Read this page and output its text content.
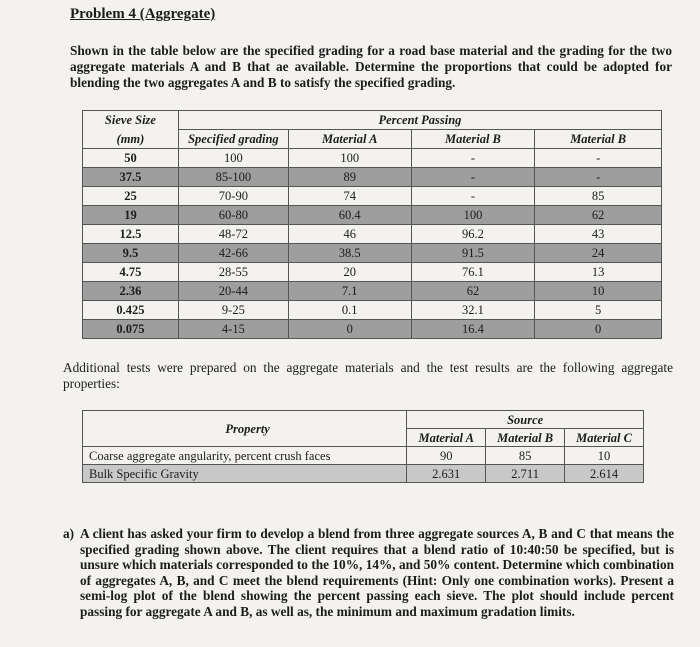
Problem 4 (Aggregate)
Shown in the table below are the specified grading for a road base material and the grading for the two aggregate materials A and B that ae available. Determine the proportions that could be adopted for blending the two aggregates A and B to satisfy the specified grading.
Sieve Size	Percent Passing			
(mm)	Specified grading	Material A	Material B	Material B
50	100	100	-	-
37.5	85-100	89	-	-
25	70-90	74	-	85
19	60-80	60.4	100	62
12.5	48-72	46	96.2	43
9.5	42-66	38.5	91.5	24
4.75	28-55	20	76.1	13
2.36	20-44	7.1	62	10
0.425	9-25	0.1	32.1	5
0.075	4-15	0	16.4	0
Additional tests were prepared on the aggregate materials and the test results are the following aggregate properties:
Property	Source		
	Material A	Material B	Material C
Coarse aggregate angularity, percent crush faces	90	85	10
Bulk Specific Gravity	2.631	2.711	2.614
a) A client has asked your firm to develop a blend from three aggregate sources A, B and C that means the specified grading shown above. The client requires that a blend ratio of 10:40:50 be specified, but is unsure which materials corresponded to the 10%, 14%, and 50% content. Determine which combination of aggregates A, B, and C meet the blend requirements (Hint: Only one combination works). Present a semi-log plot of the blend showing the percent passing each sieve. The plot should include percent passing for aggregate A and B, as well as, the minimum and maximum gradation limits.
